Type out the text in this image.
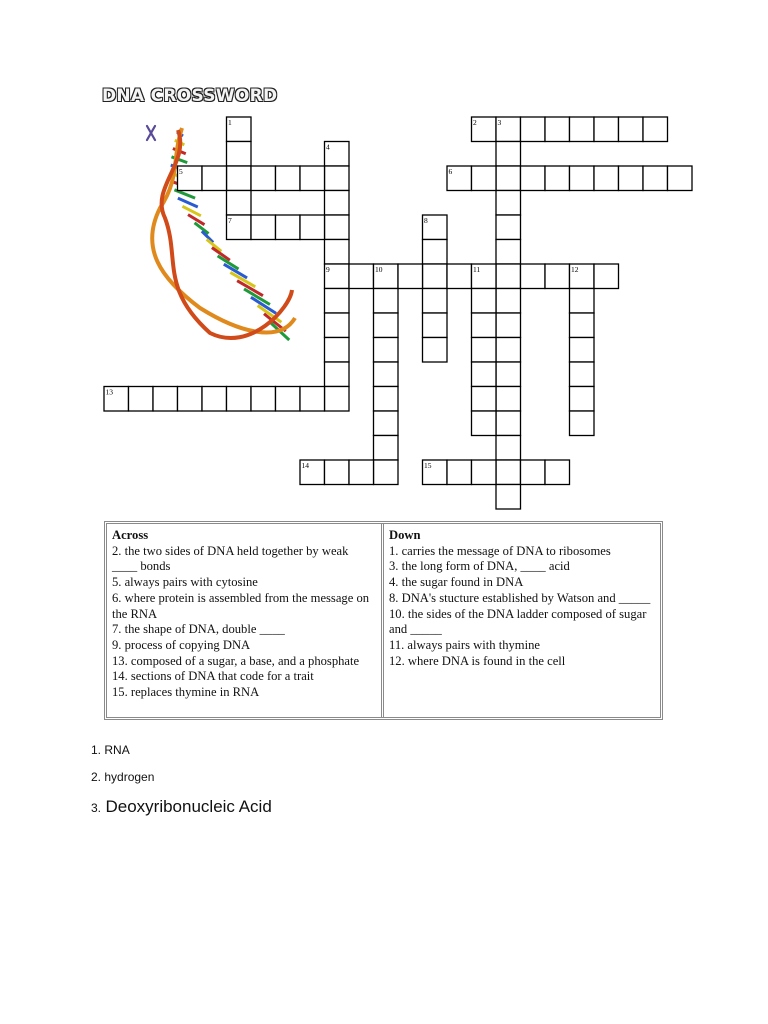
DNA CROSSWORD
1	2	3
4
5	6
7	8
9	10	11	12
13
14	15
Across
2. the two sides of DNA held together by weak ____ bonds
5. always pairs with cytosine
6. where protein is assembled from the message on the RNA
7. the shape of DNA, double ____
9. process of copying DNA
13. composed of a sugar, a base, and a phosphate
14. sections of DNA that code for a trait
15. replaces thymine in RNA
Down
1. carries the message of DNA to ribosomes
3. the long form of DNA, ____ acid
4. the sugar found in DNA
8. DNA's stucture established by Watson and _____
10. the sides of the DNA ladder composed of sugar and _____
11. always pairs with thymine
12. where DNA is found in the cell
1. RNA
2. hydrogen
3. Deoxyribonucleic Acid
